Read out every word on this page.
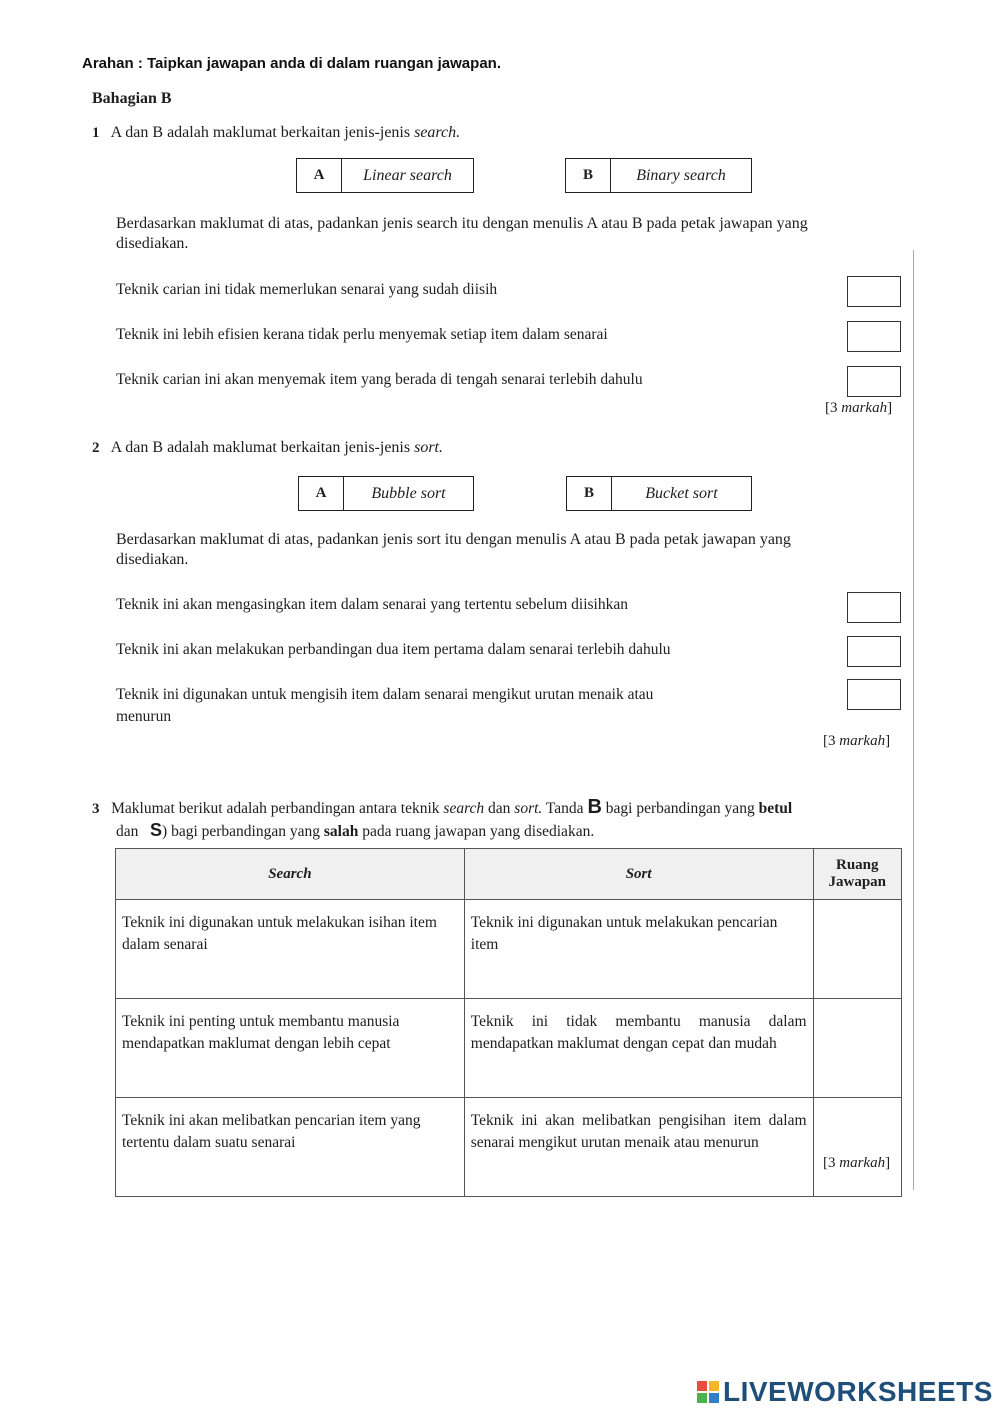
Arahan : Taipkan jawapan anda di dalam ruangan jawapan.
Bahagian B
1 A dan B adalah maklumat berkaitan jenis-jenis search.
A	Linear search	B	Binary search
Berdasarkan maklumat di atas, padankan jenis search itu dengan menulis A atau B pada petak jawapan yang
disediakan.
Teknik carian ini tidak memerlukan senarai yang sudah diisih
Teknik ini lebih efisien kerana tidak perlu menyemak setiap item dalam senarai
Teknik carian ini akan menyemak item yang berada di tengah senarai terlebih dahulu
[3 markah]
2 A dan B adalah maklumat berkaitan jenis-jenis sort.
A	Bubble sort	B	Bucket sort
Berdasarkan maklumat di atas, padankan jenis sort itu dengan menulis A atau B pada petak jawapan yang
disediakan.
Teknik ini akan mengasingkan item dalam senarai yang tertentu sebelum diisihkan
Teknik ini akan melakukan perbandingan dua item pertama dalam senarai terlebih dahulu
Teknik ini digunakan untuk mengisih item dalam senarai mengikut urutan menaik atau
menurun
[3 markah]
3 Maklumat berikut adalah perbandingan antara teknik search dan sort. Tanda B bagi perbandingan yang betul
dan S) bagi perbandingan yang salah pada ruang jawapan yang disediakan.
Search	Sort	Ruang Jawapan
Teknik ini digunakan untuk melakukan isihan item dalam senarai	Teknik ini digunakan untuk melakukan pencarian item	
Teknik ini penting untuk membantu manusia mendapatkan maklumat dengan lebih cepat	Teknik ini tidak membantu manusia dalam mendapatkan maklumat dengan cepat dan mudah	
Teknik ini akan melibatkan pencarian item yang tertentu dalam suatu senarai	Teknik ini akan melibatkan pengisihan item dalam senarai mengikut urutan menaik atau menurun	
[3 markah]
LIVEWORKSHEETS
